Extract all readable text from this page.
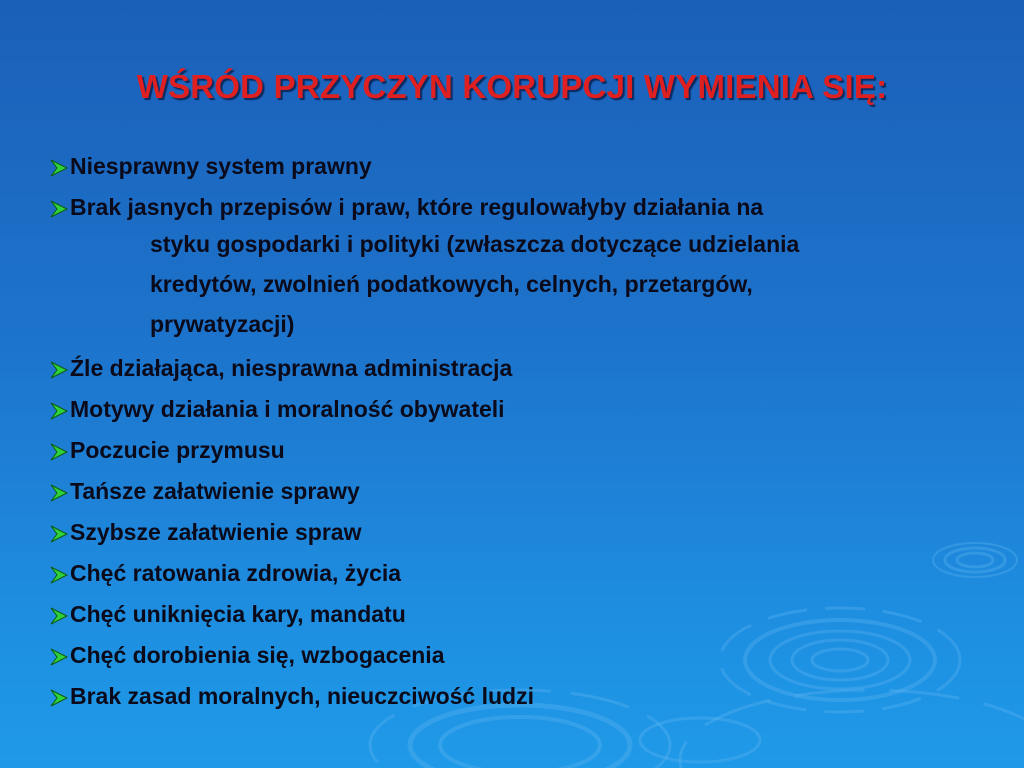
WŚRÓD PRZYCZYN KORUPCJI WYMIENIA SIĘ:
Niesprawny system prawny
Brak jasnych przepisów i praw, które regulowałyby działania na
styku gospodarki i polityki (zwłaszcza dotyczące udzielania
kredytów, zwolnień podatkowych, celnych, przetargów,
prywatyzacji)
Źle działająca, niesprawna administracja
Motywy działania i moralność obywateli
Poczucie przymusu
Tańsze załatwienie sprawy
Szybsze załatwienie spraw
Chęć ratowania zdrowia, życia
Chęć uniknięcia kary, mandatu
Chęć dorobienia się, wzbogacenia
Brak zasad moralnych, nieuczciwość ludzi
